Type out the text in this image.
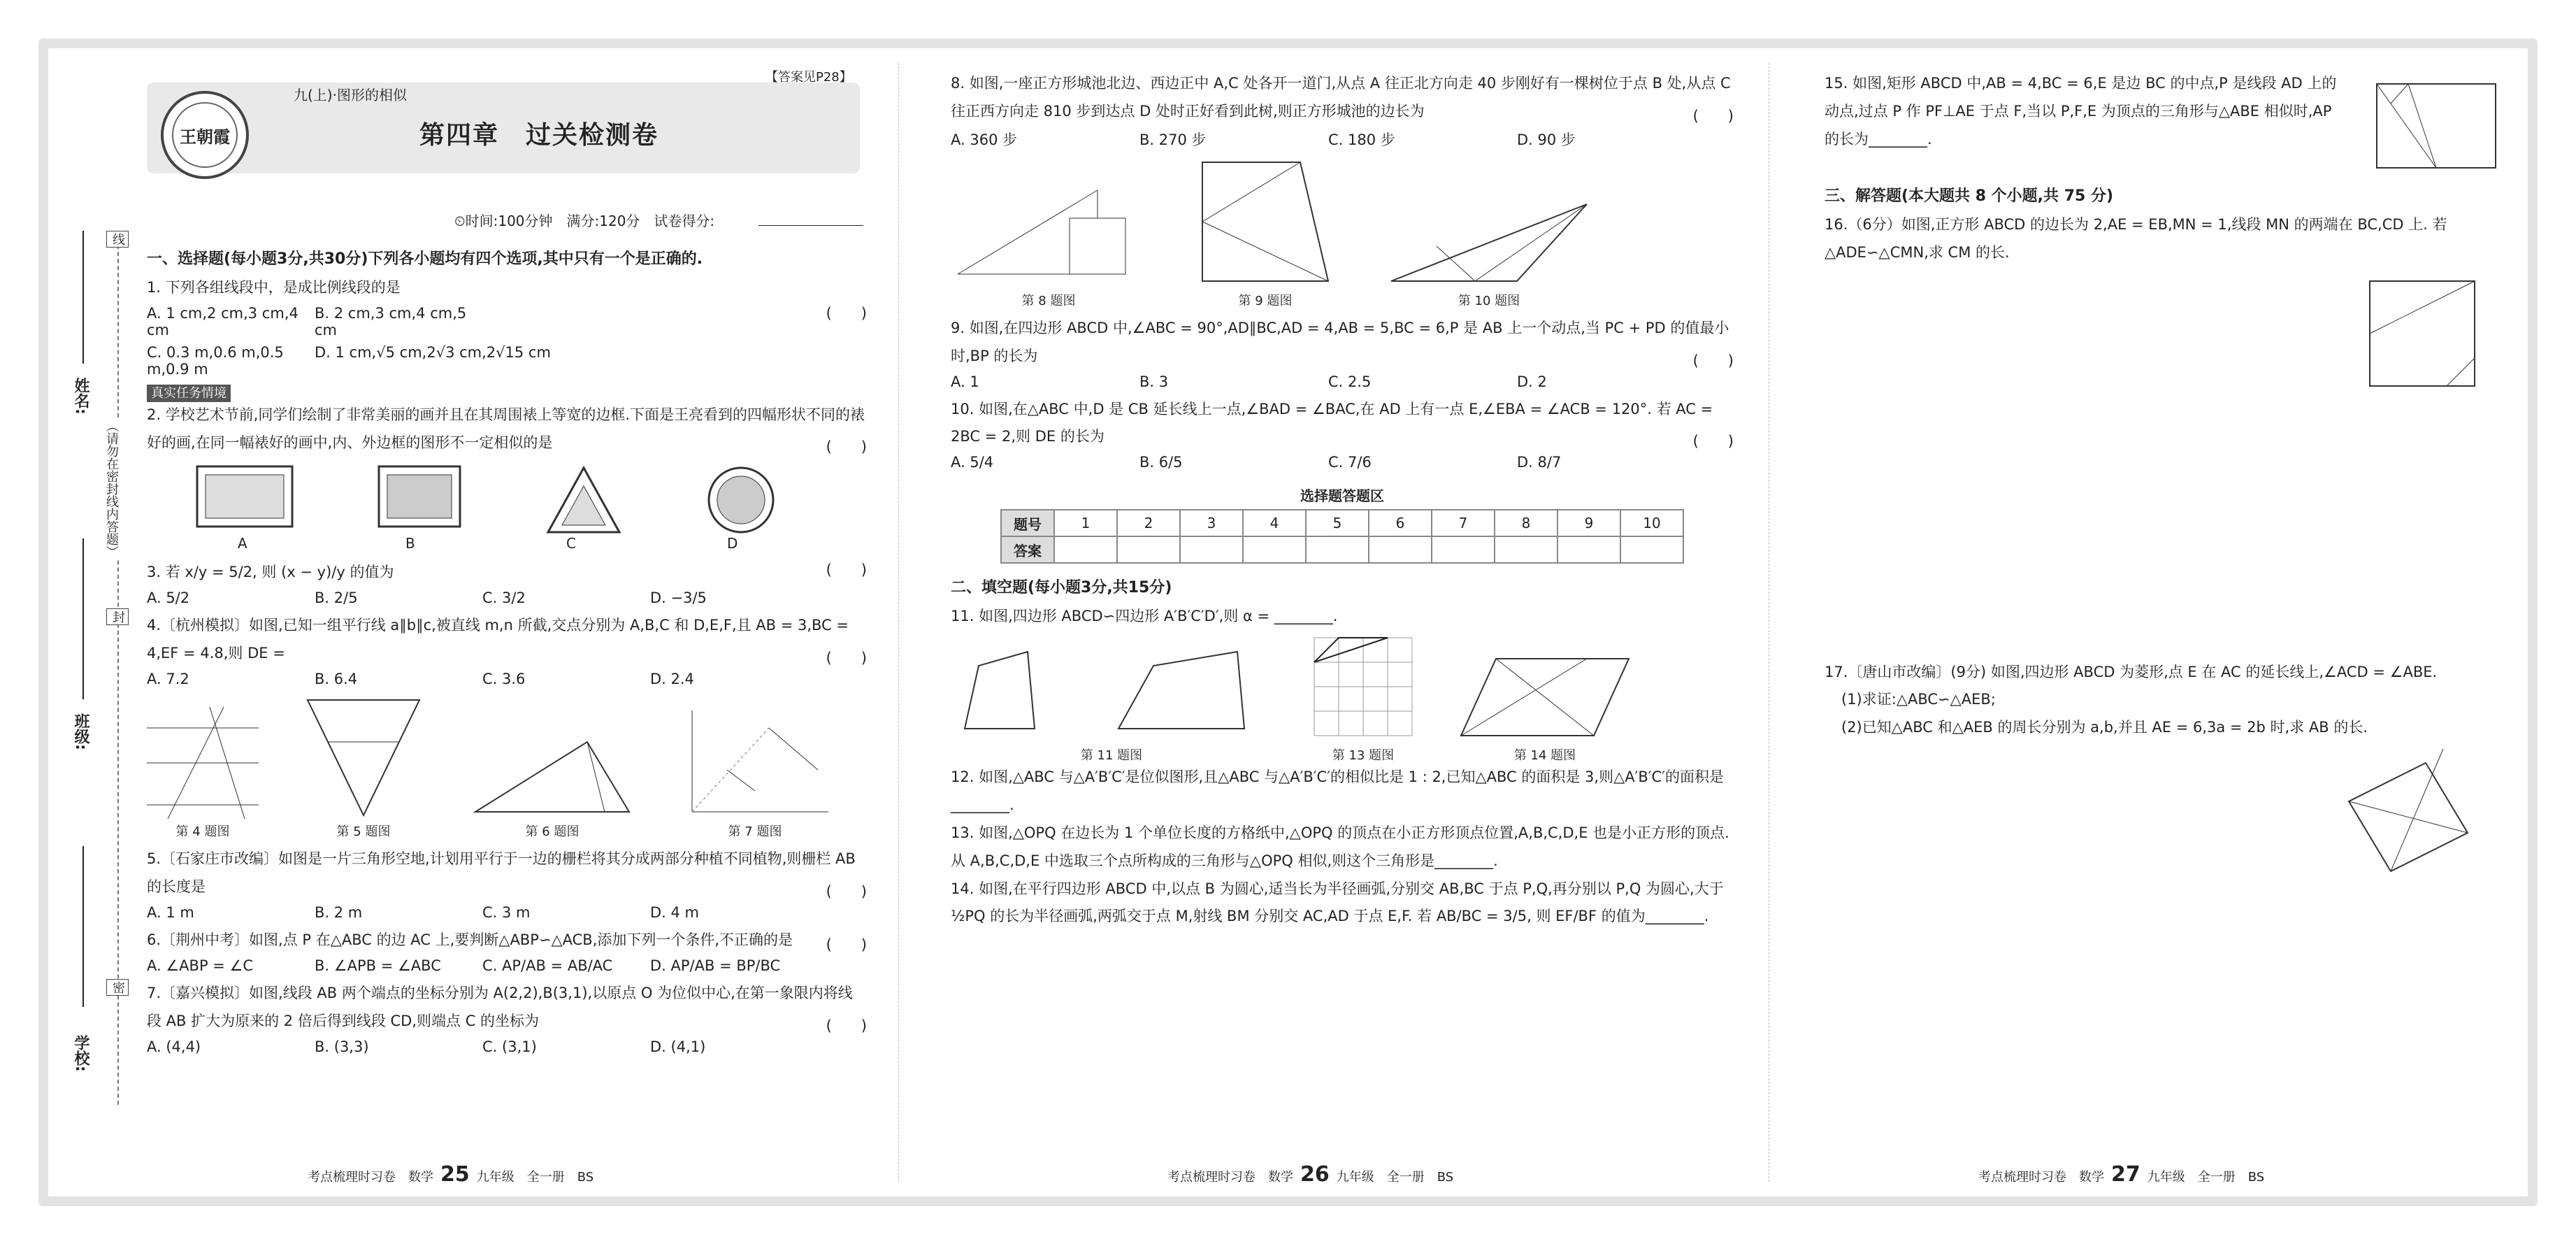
王朝霞
九(上)·图形的相似
【答案见P28】
第四章　过关检测卷
⏲时间:100分钟　满分:120分　试卷得分:
学校:
班级:
姓名:
线
封
密
（请勿在密封线内答题）

一、选择题(每小题3分,共30分)下列各小题均有四个选项,其中只有一个是正确的.

1. 下列各组线段中，是成比例线段的是

(　　)
A. 1 cm,2 cm,3 cm,4 cm
B. 2 cm,3 cm,4 cm,5 cm
C. 0.3 m,0.6 m,0.5 m,0.9 m
D. 1 cm,√5 cm,2√3 cm,2√15 cm
真实任务情境

2. 学校艺术节前,同学们绘制了非常美丽的画并且在其周围裱上等宽的边框.下面是王亮看到的四幅形状不同的裱好的画,在同一幅裱好的画中,内、外边框的图形不一定相似的是	(　　)
A	B	C	D

3. 若 x/y = 5/2, 则 (x − y)/y 的值为	(　　)
A. 5/2	B. 2/5	C. 3/2	D. −3/5

4.〔杭州模拟〕如图,已知一组平行线 a∥b∥c,被直线 m,n 所截,交点分别为 A,B,C 和 D,E,F,且 AB = 3,BC = 4,EF = 4.8,则 DE =	(　　)
A. 7.2	B. 6.4	C. 3.6	D. 2.4
第 4 题图	第 5 题图	第 6 题图	第 7 题图

5.〔石家庄市改编〕如图是一片三角形空地,计划用平行于一边的栅栏将其分成两部分种植不同植物,则栅栏 AB 的长度是	(　　)
A. 1 m	B. 2 m	C. 3 m	D. 4 m

6.〔荆州中考〕如图,点 P 在△ABC 的边 AC 上,要判断△ABP∽△ACB,添加下列一个条件,不正确的是	(　　)
A. ∠ABP = ∠C	B. ∠APB = ∠ABC	C. AP/AB = AB/AC	D. AP/AB = BP/BC

7.〔嘉兴模拟〕如图,线段 AB 两个端点的坐标分别为 A(2,2),B(3,1),以原点 O 为位似中心,在第一象限内将线段 AB 扩大为原来的 2 倍后得到线段 CD,则端点 C 的坐标为	(　　)
A. (4,4)	B. (3,3)	C. (3,1)	D. (4,1)
考点梳理时习卷　数学 25 九年级　全一册　BS

8. 如图,一座正方形城池北边、西边正中 A,C 处各开一道门,从点 A 往正北方向走 40 步刚好有一棵树位于点 B 处,从点 C 往正西方向走 810 步到达点 D 处时正好看到此树,则正方形城池的边长为	(　　)
A. 360 步	B. 270 步	C. 180 步	D. 90 步
第 8 题图	第 9 题图	第 10 题图

9. 如图,在四边形 ABCD 中,∠ABC = 90°,AD∥BC,AD = 4,AB = 5,BC = 6,P 是 AB 上一个动点,当 PC + PD 的值最小时,BP 的长为	(　　)
A. 1	B. 3	C. 2.5	D. 2

10. 如图,在△ABC 中,D 是 CB 延长线上一点,∠BAD = ∠BAC,在 AD 上有一点 E,∠EBA = ∠ACB = 120°. 若 AC = 2BC = 2,则 DE 的长为	(　　)
A. 5/4	B. 6/5	C. 7/6	D. 8/7
选择题答题区
题号	1	2	3	4	5	6	7	8	9	10
答案										

二、填空题(每小题3分,共15分)

11. 如图,四边形 ABCD∽四边形 A′B′C′D′,则 α = ________.

第 11 题图	第 13 题图	第 14 题图

12. 如图,△ABC 与△A′B′C′是位似图形,且△ABC 与△A′B′C′的相似比是 1 : 2,已知△ABC 的面积是 3,则△A′B′C′的面积是________.

13. 如图,△OPQ 在边长为 1 个单位长度的方格纸中,△OPQ 的顶点在小正方形顶点位置,A,B,C,D,E 也是小正方形的顶点. 从 A,B,C,D,E 中选取三个点所构成的三角形与△OPQ 相似,则这个三角形是________.

14. 如图,在平行四边形 ABCD 中,以点 B 为圆心,适当长为半径画弧,分别交 AB,BC 于点 P,Q,再分别以 P,Q 为圆心,大于 ½PQ 的长为半径画弧,两弧交于点 M,射线 BM 分别交 AC,AD 于点 E,F. 若 AB/BC = 3/5, 则 EF/BF 的值为________.

考点梳理时习卷　数学 26 九年级　全一册　BS

15. 如图,矩形 ABCD 中,AB = 4,BC = 6,E 是边 BC 的中点,P 是线段 AD 上的动点,过点 P 作 PF⊥AE 于点 F,当以 P,F,E 为顶点的三角形与△ABE 相似时,AP 的长为________.

三、解答题(本大题共 8 个小题,共 75 分)

16.（6分）如图,正方形 ABCD 的边长为 2,AE = EB,MN = 1,线段 MN 的两端在 BC,CD 上. 若△ADE∽△CMN,求 CM 的长.

17.〔唐山市改编〕(9分) 如图,四边形 ABCD 为菱形,点 E 在 AC 的延长线上,∠ACD = ∠ABE.

(1)求证:△ABC∽△AEB;

(2)已知△ABC 和△AEB 的周长分别为 a,b,并且 AE = 6,3a = 2b 时,求 AB 的长.

考点梳理时习卷　数学 27 九年级　全一册　BS
